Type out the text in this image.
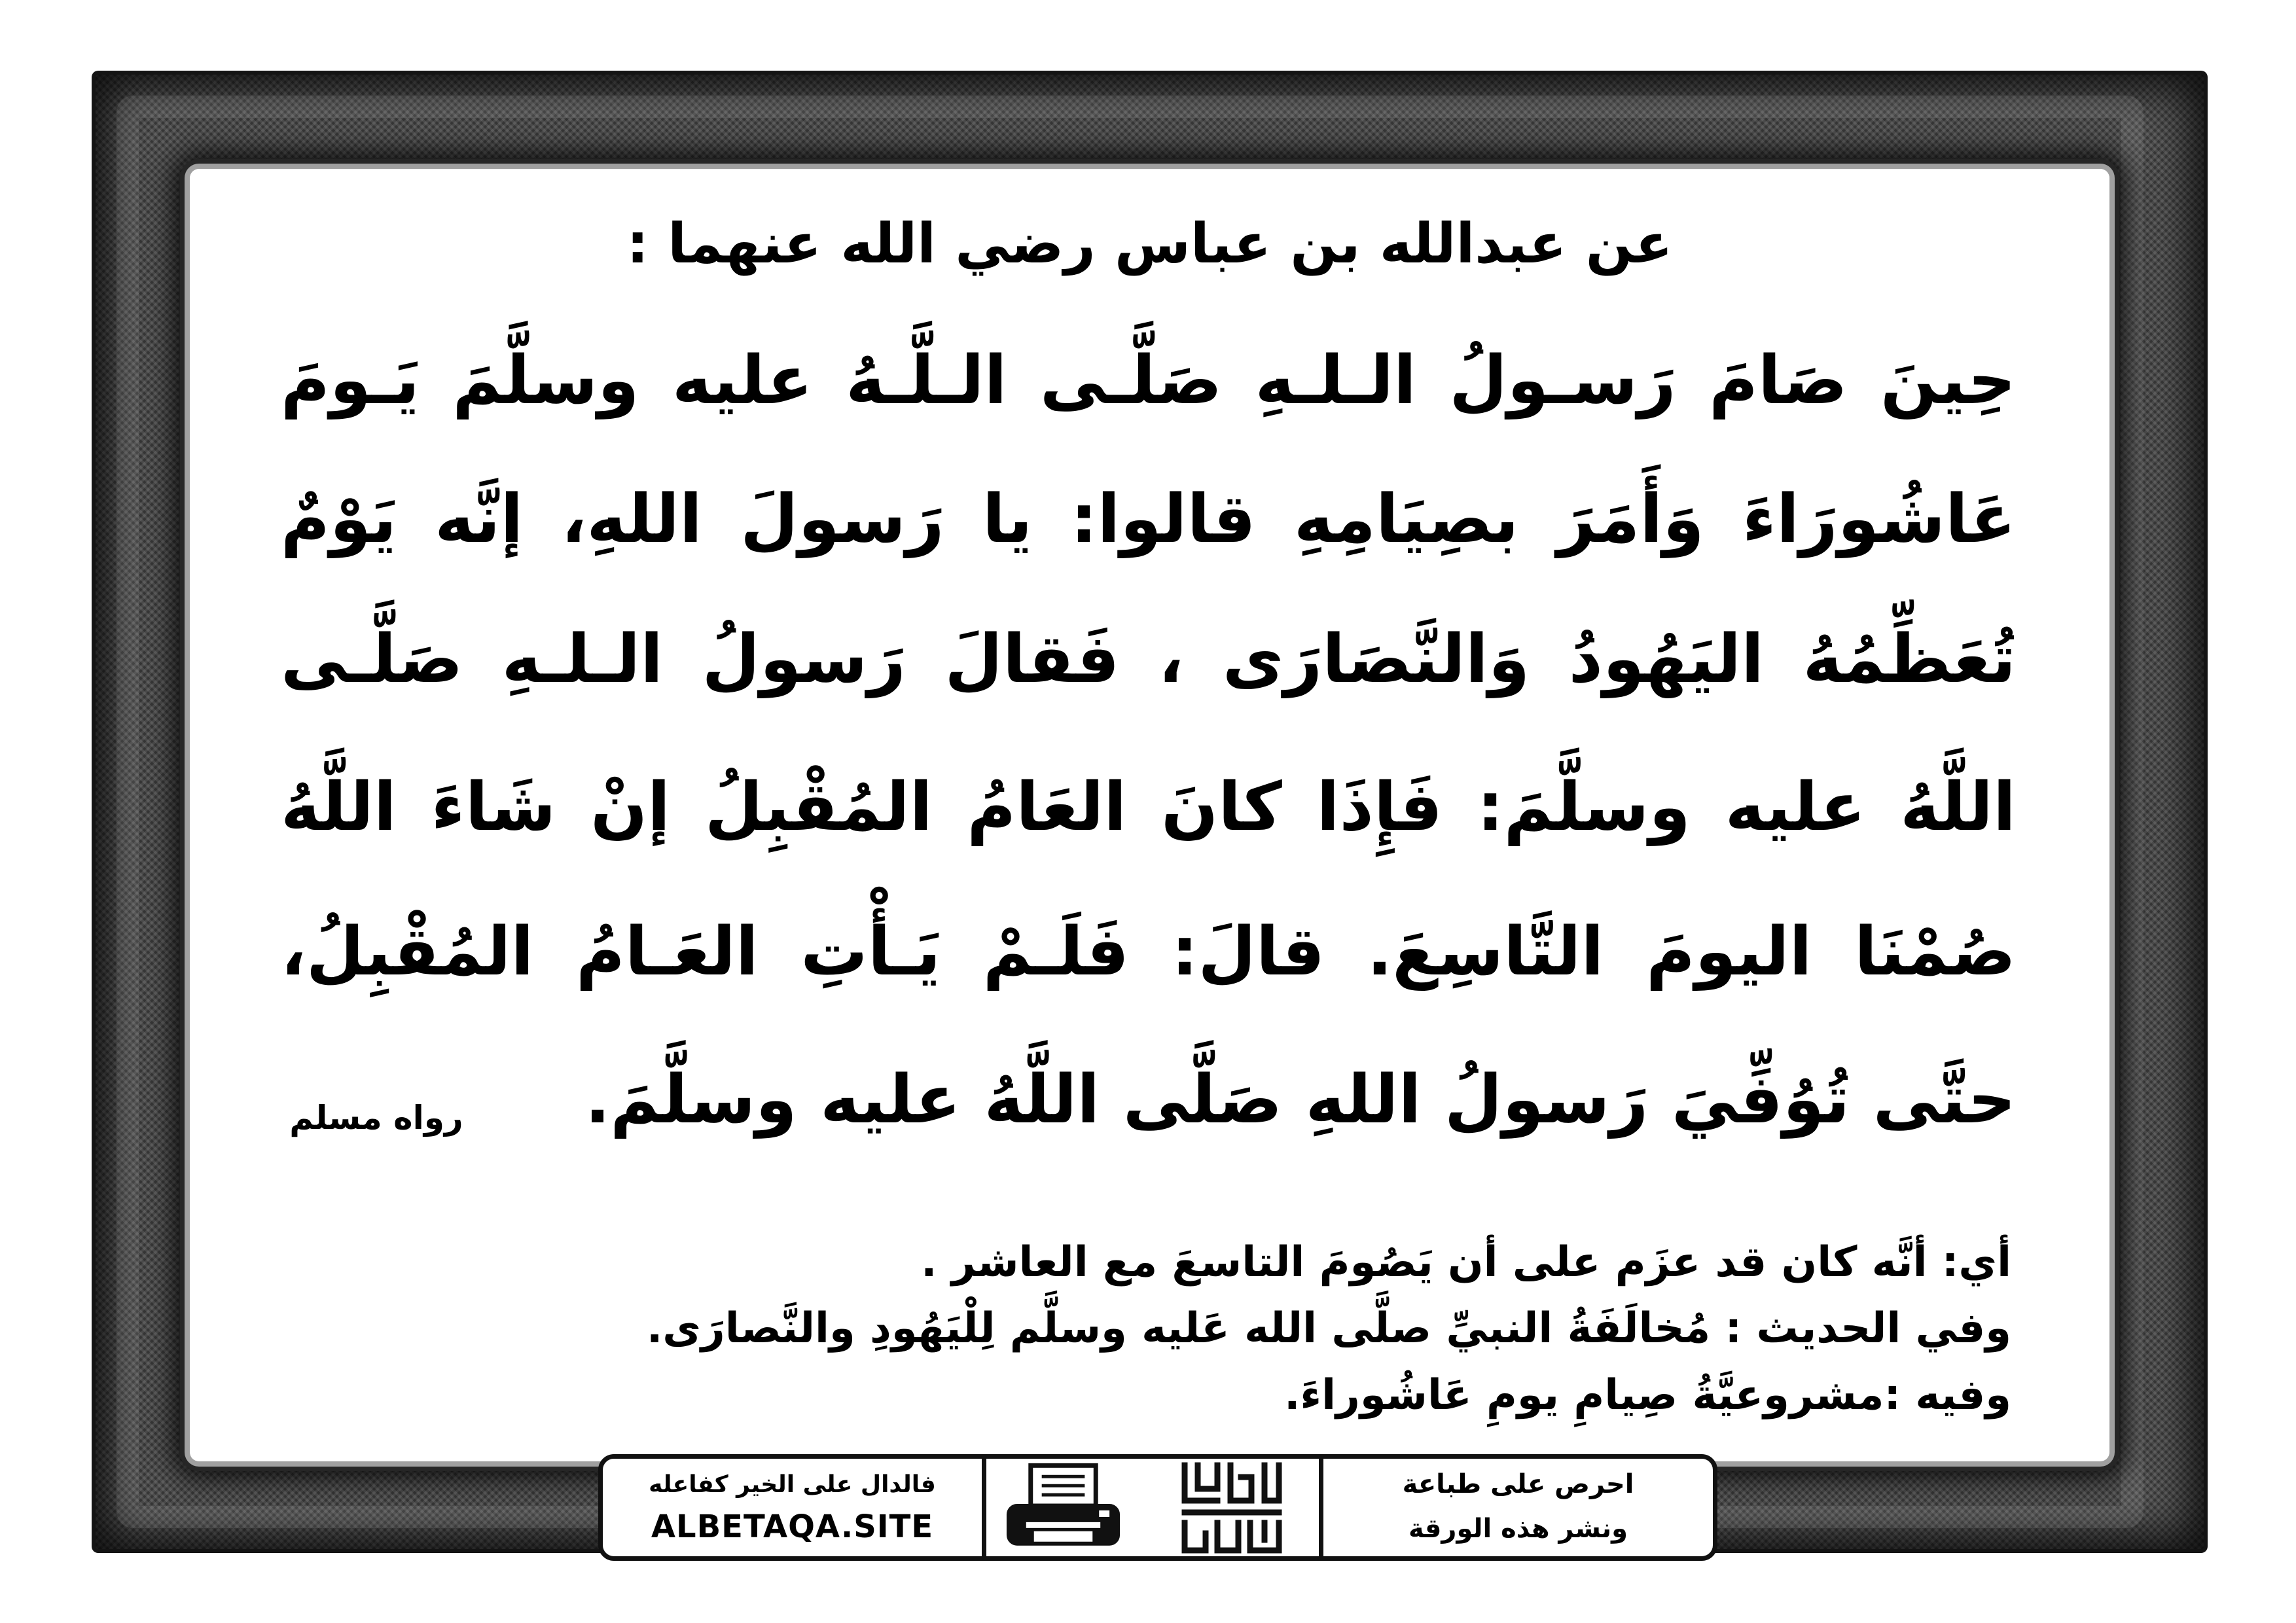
عن عبدالله بن عباس رضي الله عنهما :
حِينَ صَامَ رَسـولُ الـلـهِ صَلَّـى الـلَّـهُ عليه وسلَّمَ يَـومَ
عَاشُورَاءَ وَأَمَرَ بصِيَامِهِ قالوا: يا رَسولَ اللهِ، إنَّه يَوْمٌ
تُعَظِّمُهُ اليَهُودُ وَالنَّصَارَى ، فَقالَ رَسولُ الـلـهِ صَلَّـى
اللَّهُ عليه وسلَّمَ: فَإِذَا كانَ العَامُ المُقْبِلُ إنْ شَاءَ اللَّهُ
صُمْنَا اليومَ التَّاسِعَ. قالَ: فَلَـمْ يَـأْتِ العَـامُ المُقْبِلُ،
حتَّى تُوُفِّيَ رَسولُ اللهِ صَلَّى اللَّهُ عليه وسلَّمَ.
رواه مسلم
أي: أنَّه كان قد عزَم على أن يَصُومَ التاسعَ مع العاشر .
وفي الحديث : مُخالَفَةُ النبيِّ صلَّى الله عَليه وسلَّم لِلْيَهُودِ والنَّصارَى.
وفيه :مشروعيَّةُ صِيامِ يومِ عَاشُوراءَ.
فالدال على الخير كفاعله
ALBETAQA.SITE
احرص على طباعة
ونشر هذه الورقة
